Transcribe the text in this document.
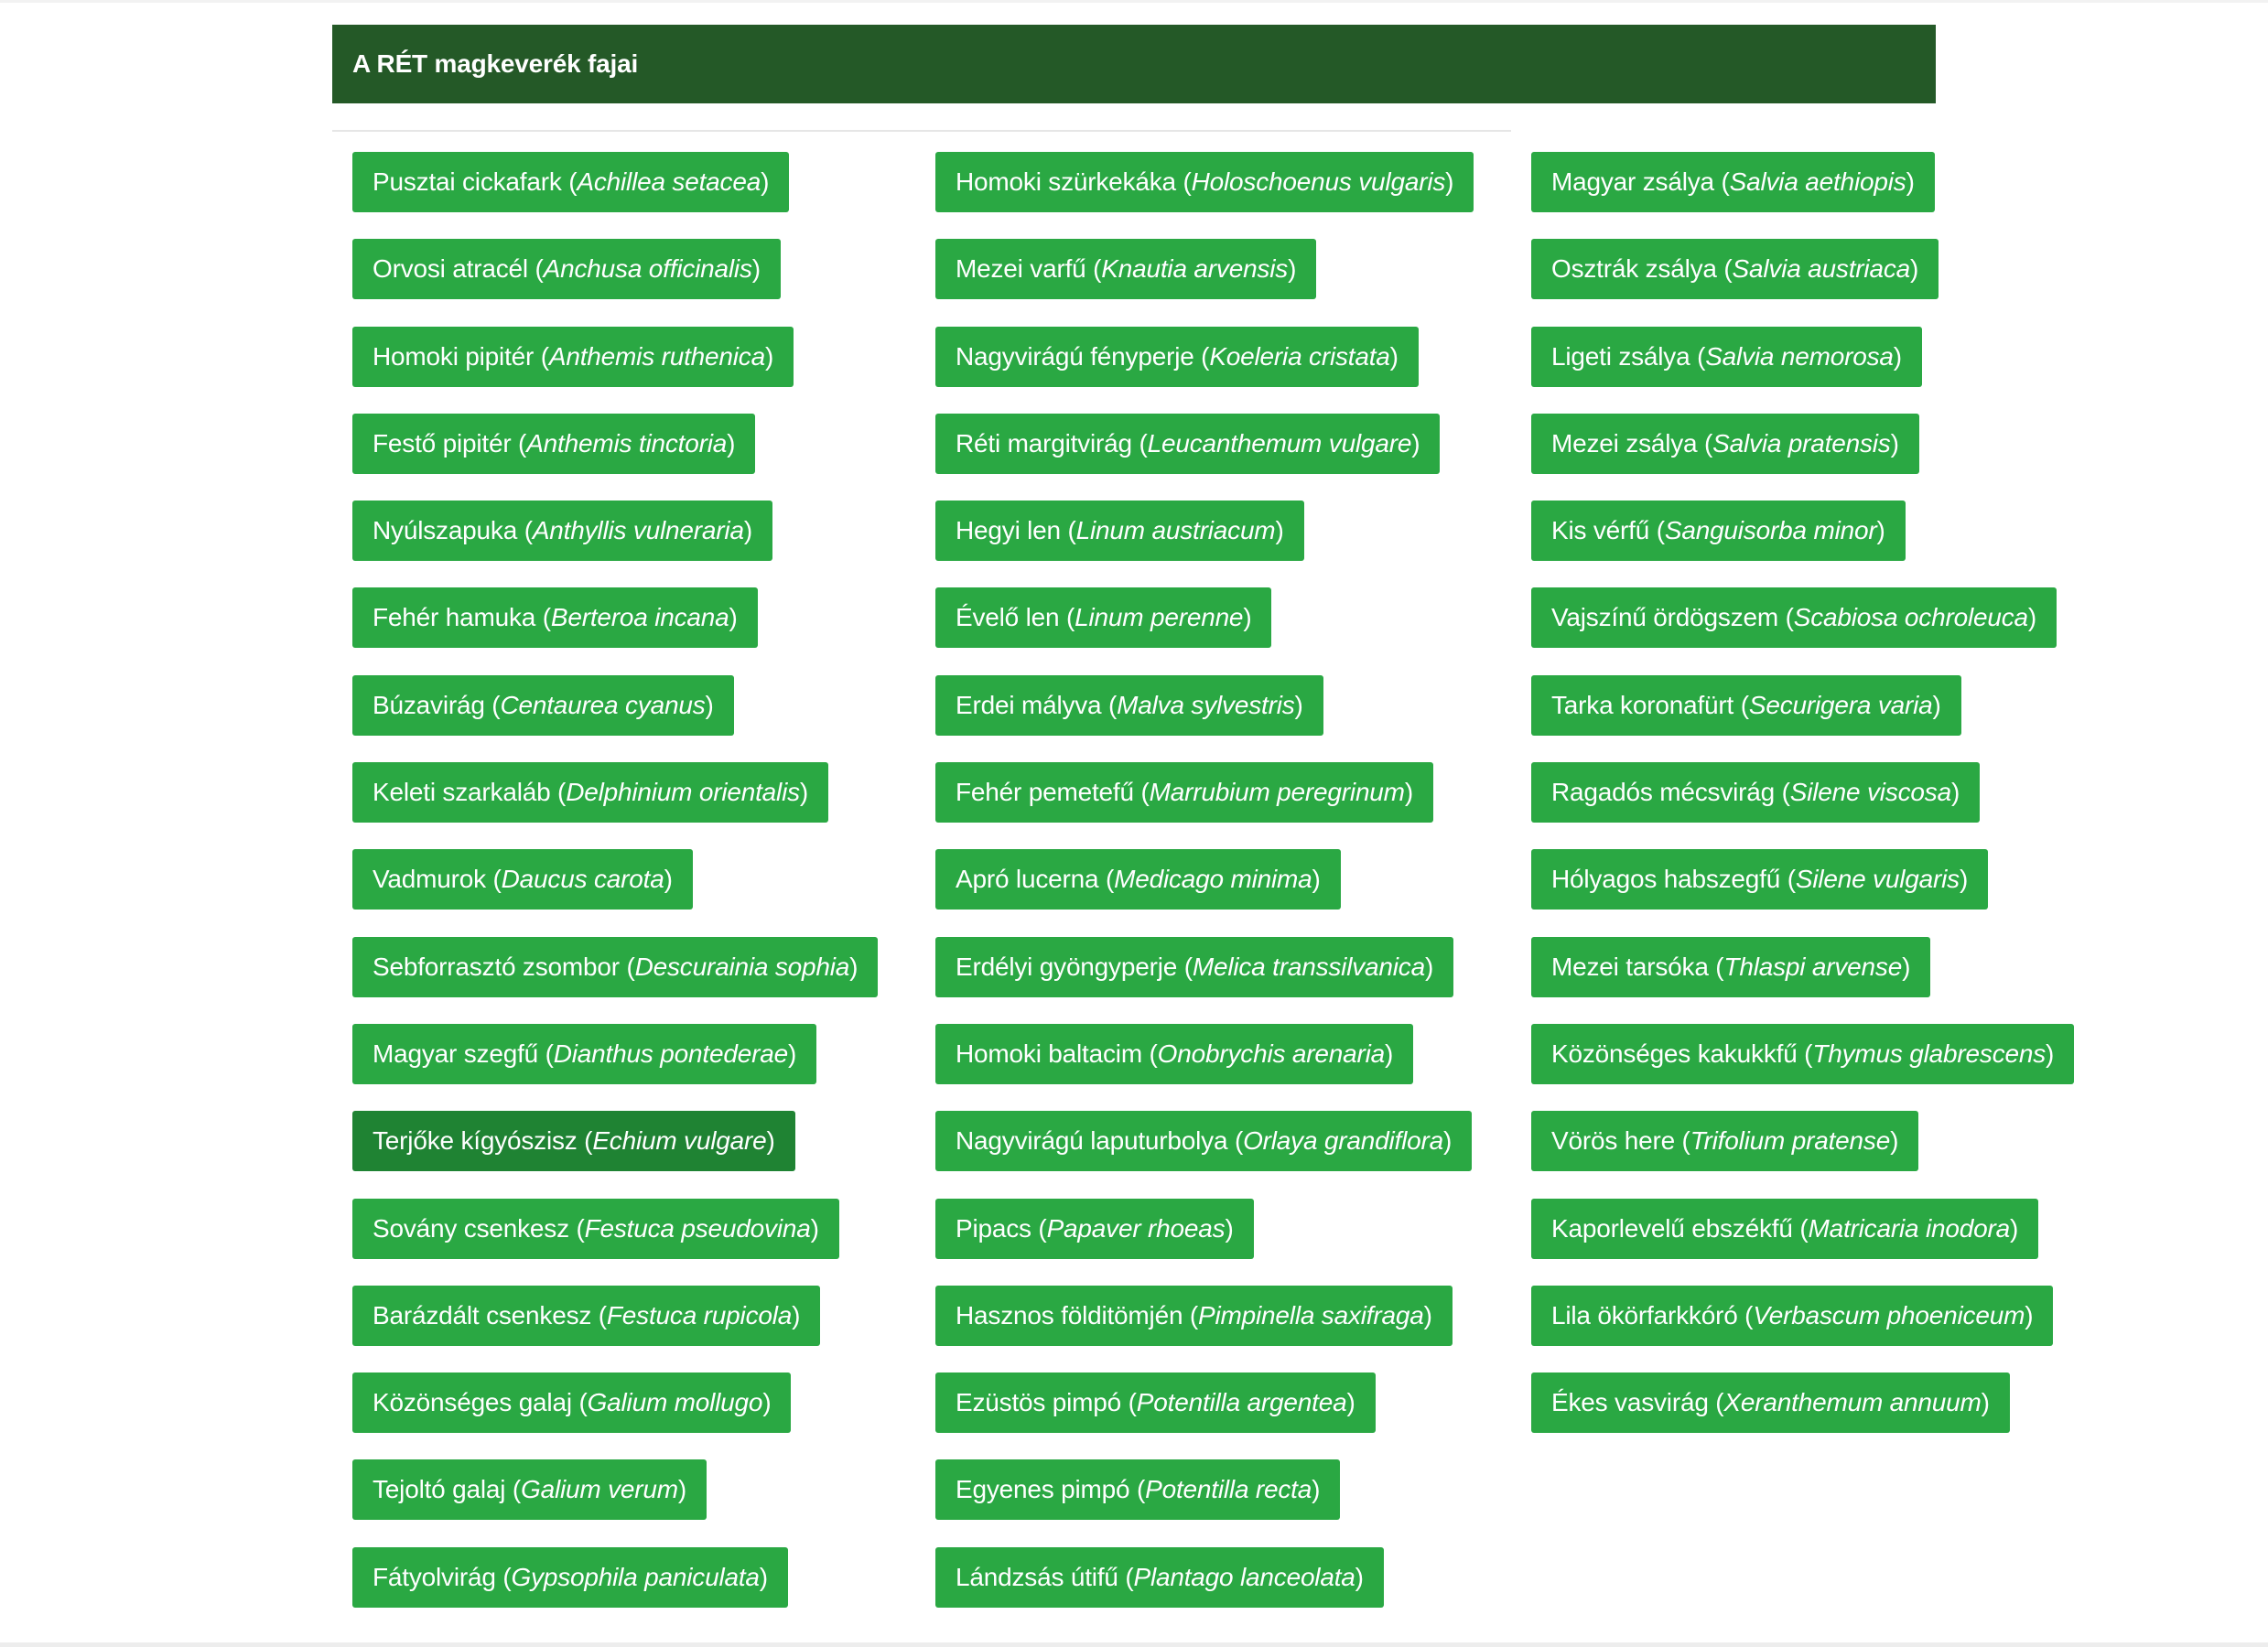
A RÉT magkeverék fajai
Pusztai cickafark ( Achillea setacea )
Orvosi atracél ( Anchusa officinalis )
Homoki pipitér ( Anthemis ruthenica )
Festő pipitér ( Anthemis tinctoria )
Nyúlszapuka ( Anthyllis vulneraria )
Fehér hamuka ( Berteroa incana )
Búzavirág ( Centaurea cyanus )
Keleti szarkaláb ( Delphinium orientalis )
Vadmurok ( Daucus carota )
Sebforrasztó zsombor ( Descurainia sophia )
Magyar szegfű ( Dianthus pontederae )
Terjőke kígyószisz ( Echium vulgare )
Sovány csenkesz ( Festuca pseudovina )
Barázdált csenkesz ( Festuca rupicola )
Közönséges galaj ( Galium mollugo )
Tejoltó galaj ( Galium verum )
Fátyolvirág ( Gypsophila paniculata )
Homoki szürkekáka ( Holoschoenus vulgaris )
Mezei varfű ( Knautia arvensis )
Nagyvirágú fényperje ( Koeleria cristata )
Réti margitvirág ( Leucanthemum vulgare )
Hegyi len ( Linum austriacum )
Évelő len ( Linum perenne )
Erdei mályva ( Malva sylvestris )
Fehér pemetefű ( Marrubium peregrinum )
Apró lucerna ( Medicago minima )
Erdélyi gyöngyperje ( Melica transsilvanica )
Homoki baltacim ( Onobrychis arenaria )
Nagyvirágú laputurbolya ( Orlaya grandiflora )
Pipacs ( Papaver rhoeas )
Hasznos földitömjén ( Pimpinella saxifraga )
Ezüstös pimpó ( Potentilla argentea )
Egyenes pimpó ( Potentilla recta )
Lándzsás útifű ( Plantago lanceolata )
Magyar zsálya ( Salvia aethiopis )
Osztrák zsálya ( Salvia austriaca )
Ligeti zsálya ( Salvia nemorosa )
Mezei zsálya ( Salvia pratensis )
Kis vérfű ( Sanguisorba minor )
Vajszínű ördögszem ( Scabiosa ochroleuca )
Tarka koronafürt ( Securigera varia )
Ragadós mécsvirág ( Silene viscosa )
Hólyagos habszegfű ( Silene vulgaris )
Mezei tarsóka ( Thlaspi arvense )
Közönséges kakukkfű ( Thymus glabrescens )
Vörös here ( Trifolium pratense )
Kaporlevelű ebszékfű ( Matricaria inodora )
Lila ökörfarkkóró ( Verbascum phoeniceum )
Ékes vasvirág ( Xeranthemum annuum )
